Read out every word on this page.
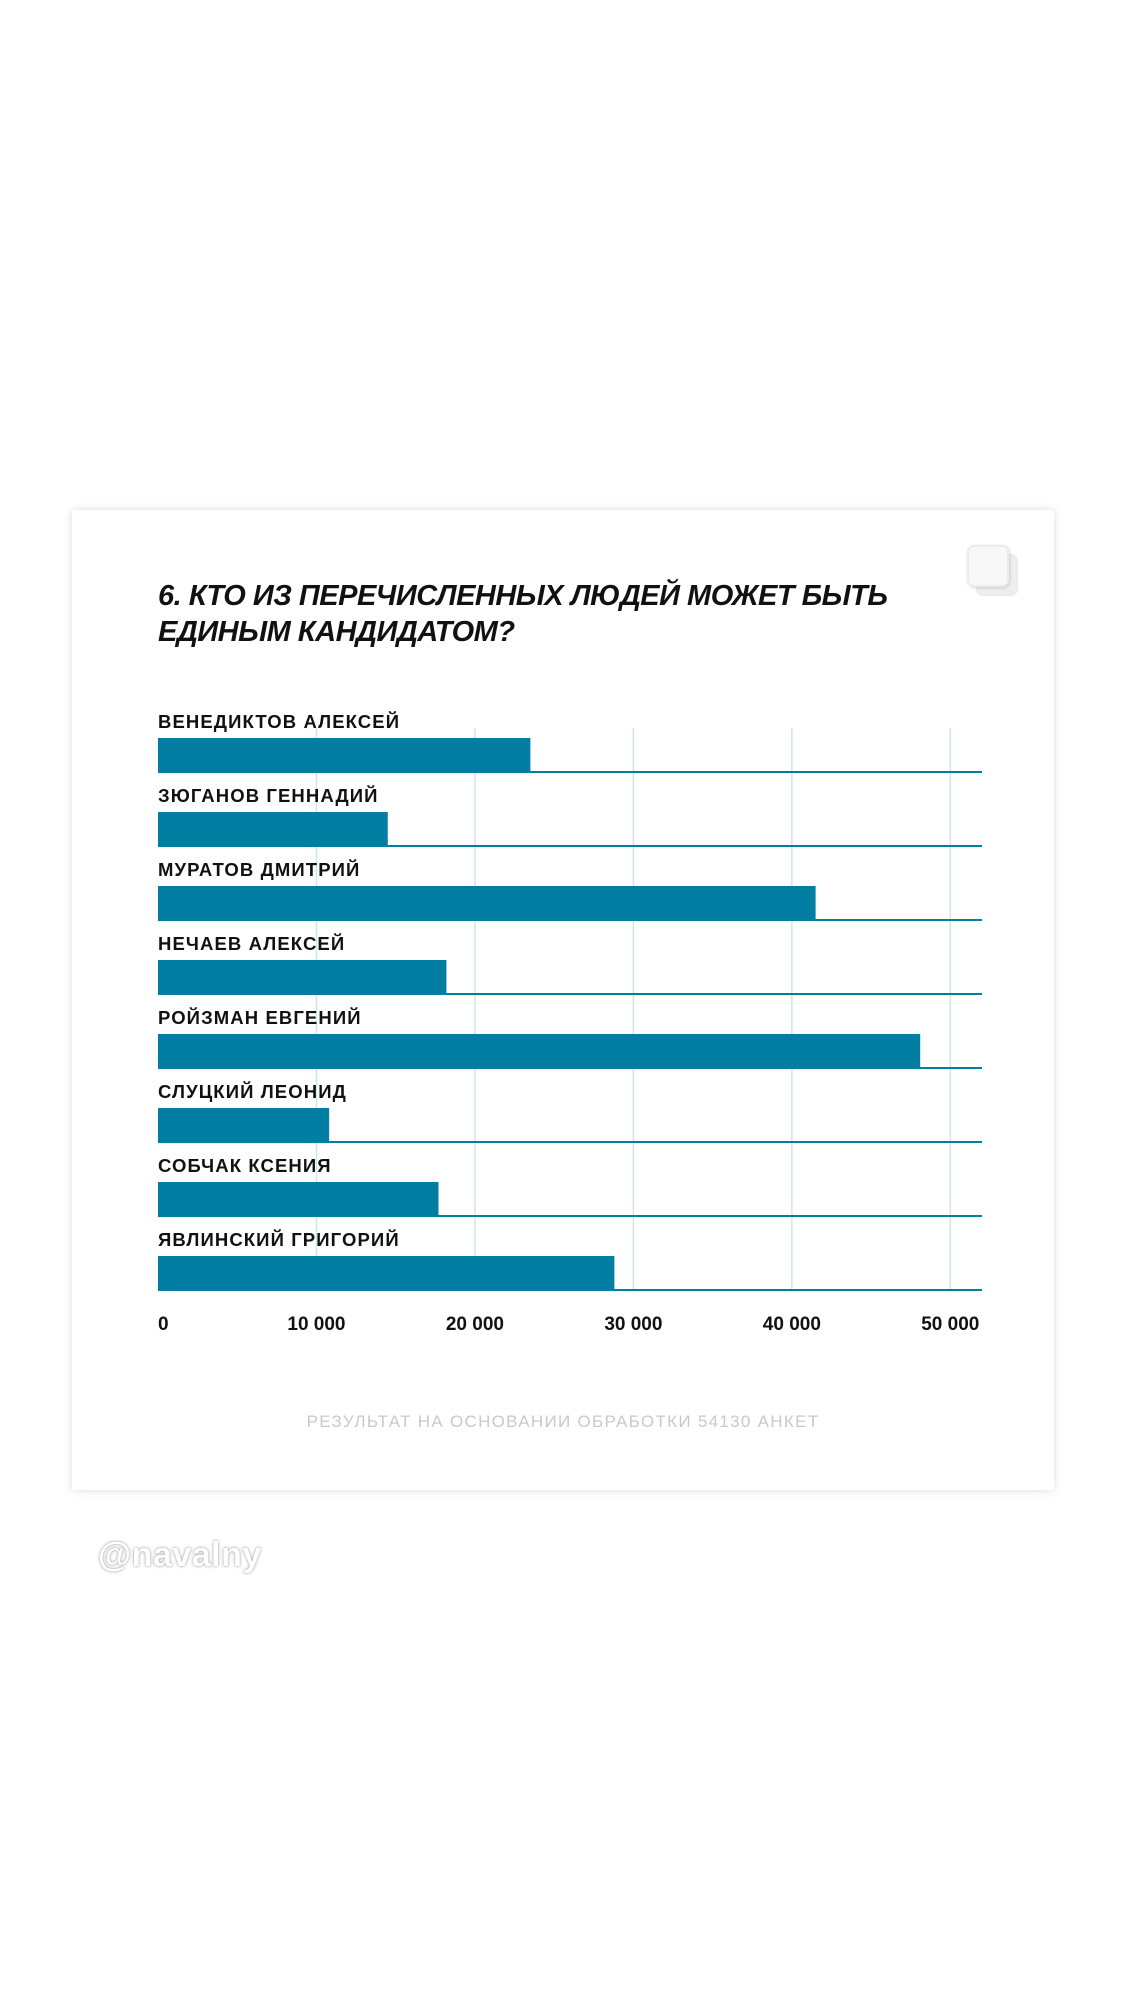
6. КТО ИЗ ПЕРЕЧИСЛЕННЫХ ЛЮДЕЙ МОЖЕТ БЫТЬ ЕДИНЫМ КАНДИДАТОМ?
ВЕНЕДИКТОВ АЛЕКСЕЙ
ЗЮГАНОВ ГЕННАДИЙ
МУРАТОВ ДМИТРИЙ
НЕЧАЕВ АЛЕКСЕЙ
РОЙЗМАН ЕВГЕНИЙ
СЛУЦКИЙ ЛЕОНИД
СОБЧАК КСЕНИЯ
ЯВЛИНСКИЙ ГРИГОРИЙ
0	10 000	20 000	30 000	40 000	50 000
РЕЗУЛЬТАТ НА ОСНОВАНИИ ОБРАБОТКИ 54130 АНКЕТ
@navalny
